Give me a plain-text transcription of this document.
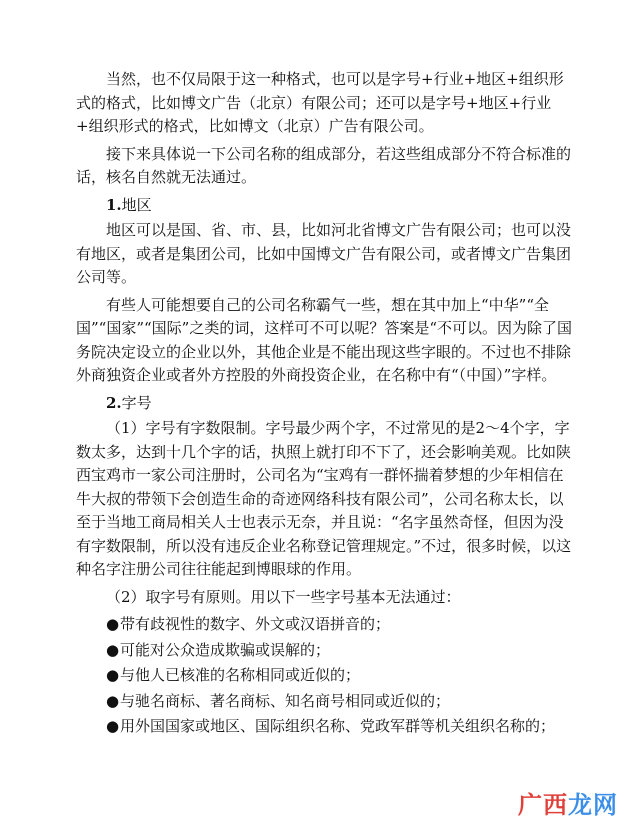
当然，也不仅局限于这一种格式，也可以是字号+行业+地区+组织形式的格式，比如博文广告（北京）有限公司；还可以是字号+地区+行业+组织形式的格式，比如博文（北京）广告有限公司。

接下来具体说一下公司名称的组成部分，若这些组成部分不符合标准的话，核名自然就无法通过。

1.地区

地区可以是国、省、市、县，比如河北省博文广告有限公司；也可以没有地区，或者是集团公司，比如中国博文广告有限公司，或者博文广告集团公司等。

有些人可能想要自己的公司名称霸气一些，想在其中加上“中华”“全国”“国家”“国际”之类的词，这样可不可以呢？答案是“不可以。因为除了国务院决定设立的企业以外，其他企业是不能出现这些字眼的。不过也不排除外商独资企业或者外方控股的外商投资企业，在名称中有“（中国）”字样。

2.字号

（1）字号有字数限制。字号最少两个字，不过常见的是2～4个字，字数太多，达到十几个字的话，执照上就打印不下了，还会影响美观。比如陕西宝鸡市一家公司注册时，公司名为“宝鸡有一群怀揣着梦想的少年相信在牛大叔的带领下会创造生命的奇迹网络科技有限公司”，公司名称太长，以至于当地工商局相关人士也表示无奈，并且说：“名字虽然奇怪，但因为没有字数限制，所以没有违反企业名称登记管理规定。”不过，很多时候，以这种名字注册公司往往能起到博眼球的作用。

（2）取字号有原则。用以下一些字号基本无法通过：

●带有歧视性的数字、外文或汉语拼音的；
●可能对公众造成欺骗或误解的；
●与他人已核准的名称相同或近似的；
●与驰名商标、著名商标、知名商号相同或近似的；
●用外国国家或地区、国际组织名称、党政军群等机关组织名称的；
广西龙网
